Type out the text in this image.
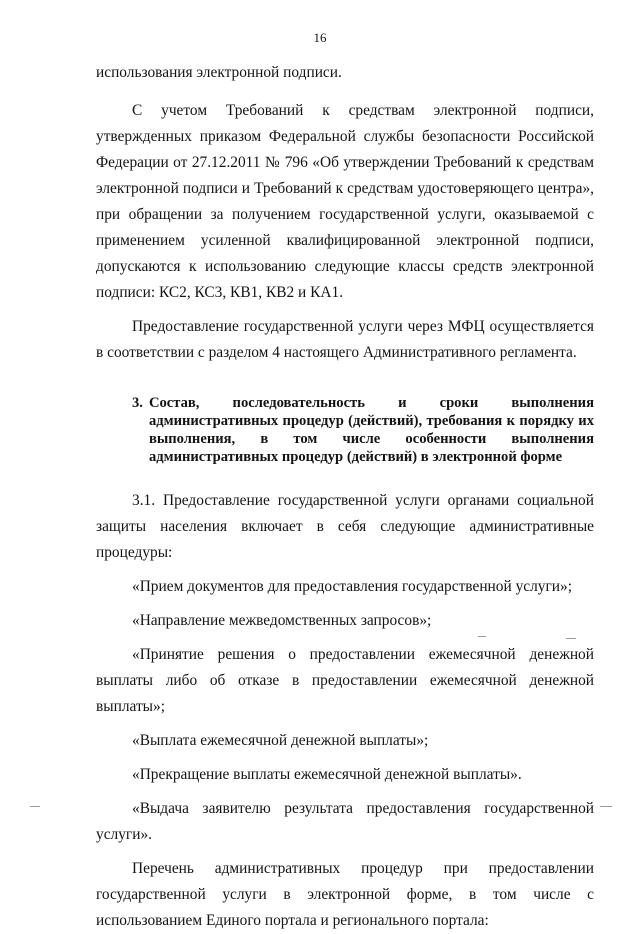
16

использования электронной подписи.

С учетом Требований к средствам электронной подписи, утвержденных приказом Федеральной службы безопасности Российской Федерации от 27.12.2011 № 796 «Об утверждении Требований к средствам электронной подписи и Требований к средствам удостоверяющего центра», при обращении за получением государственной услуги, оказываемой с применением усиленной квалифицированной электронной подписи, допускаются к использованию следующие классы средств электронной подписи: КС2, КС3, КВ1, КВ2 и КА1.

Предоставление государственной услуги через МФЦ осуществляется в соответствии с разделом 4 настоящего Административного регламента.

3. Состав, последовательность и сроки выполнения административных процедур (действий), требования к порядку их выполнения, в том числе особенности выполнения административных процедур (действий) в электронной форме

3.1. Предоставление государственной услуги органами социальной защиты населения включает в себя следующие административные процедуры:

«Прием документов для предоставления государственной услуги»;

«Направление межведомственных запросов»;

«Принятие решения о предоставлении ежемесячной денежной выплаты либо об отказе в предоставлении ежемесячной денежной выплаты»;

«Выплата ежемесячной денежной выплаты»;

«Прекращение выплаты ежемесячной денежной выплаты».

«Выдача заявителю результата предоставления государственной услуги».

Перечень административных процедур при предоставлении государственной услуги в электронной форме, в том числе с использованием Единого портала и регионального портала:
